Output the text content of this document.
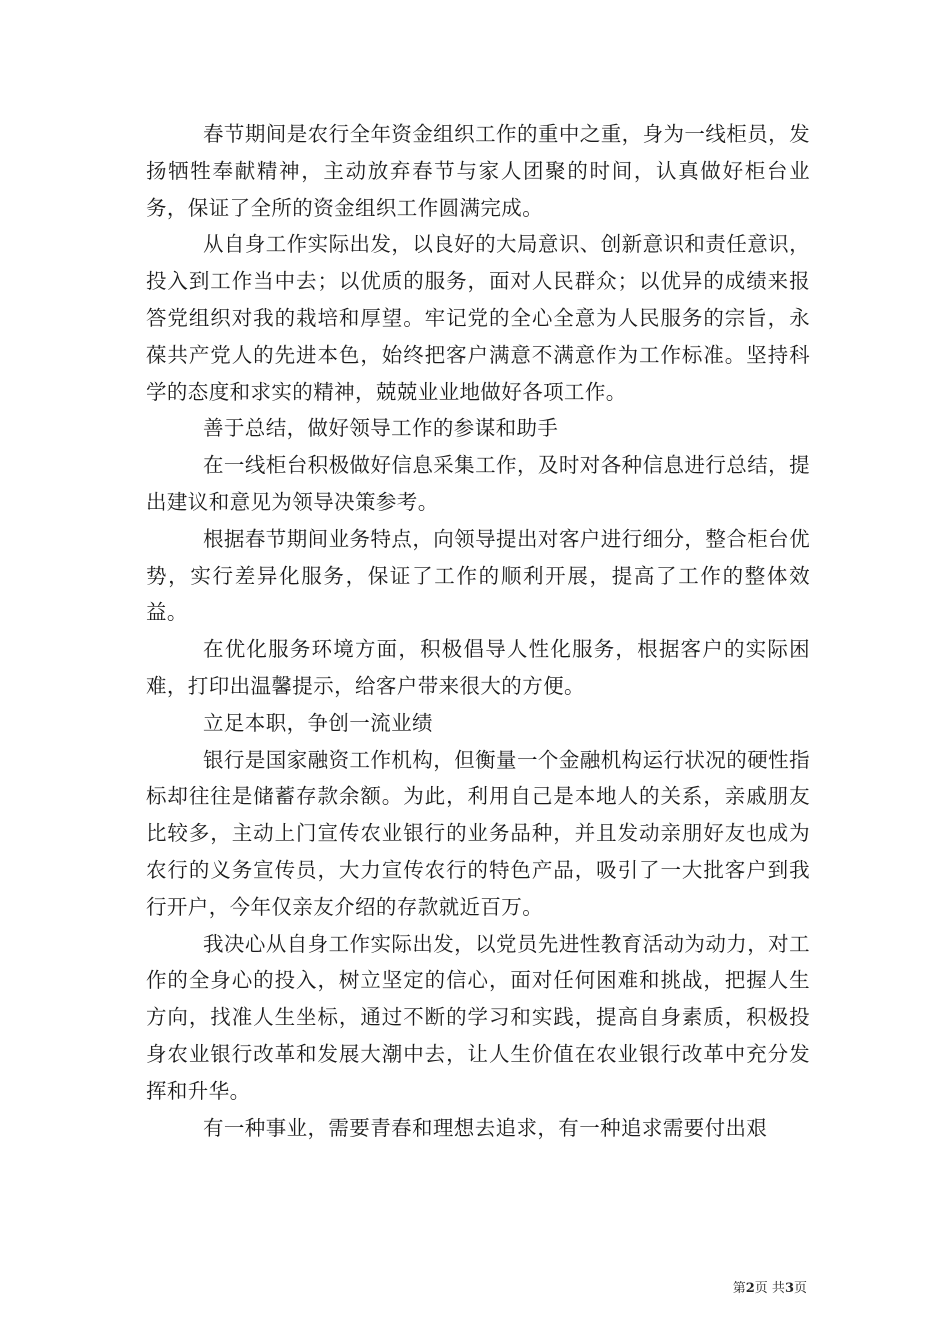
春节期间是农行全年资金组织工作的重中之重，身为一线柜员，发扬牺牲奉献精神，主动放弃春节与家人团聚的时间，认真做好柜台业务，保证了全所的资金组织工作圆满完成。

从自身工作实际出发，以良好的大局意识、创新意识和责任意识，投入到工作当中去；以优质的服务，面对人民群众；以优异的成绩来报答党组织对我的栽培和厚望。牢记党的全心全意为人民服务的宗旨，永葆共产党人的先进本色，始终把客户满意不满意作为工作标准。坚持科学的态度和求实的精神，兢兢业业地做好各项工作。

善于总结，做好领导工作的参谋和助手

在一线柜台积极做好信息采集工作，及时对各种信息进行总结，提出建议和意见为领导决策参考。

根据春节期间业务特点，向领导提出对客户进行细分，整合柜台优势，实行差异化服务，保证了工作的顺利开展，提高了工作的整体效益。

在优化服务环境方面，积极倡导人性化服务，根据客户的实际困难，打印出温馨提示，给客户带来很大的方便。

立足本职，争创一流业绩

银行是国家融资工作机构，但衡量一个金融机构运行状况的硬性指标却往往是储蓄存款余额。为此，利用自己是本地人的关系，亲戚朋友比较多，主动上门宣传农业银行的业务品种，并且发动亲朋好友也成为农行的义务宣传员，大力宣传农行的特色产品，吸引了一大批客户到我行开户，今年仅亲友介绍的存款就近百万。

我决心从自身工作实际出发，以党员先进性教育活动为动力，对工作的全身心的投入，树立坚定的信心，面对任何困难和挑战，把握人生方向，找准人生坐标，通过不断的学习和实践，提高自身素质，积极投身农业银行改革和发展大潮中去，让人生价值在农业银行改革中充分发挥和升华。

有一种事业，需要青春和理想去追求，有一种追求需要付出艰

第2页 共3页
